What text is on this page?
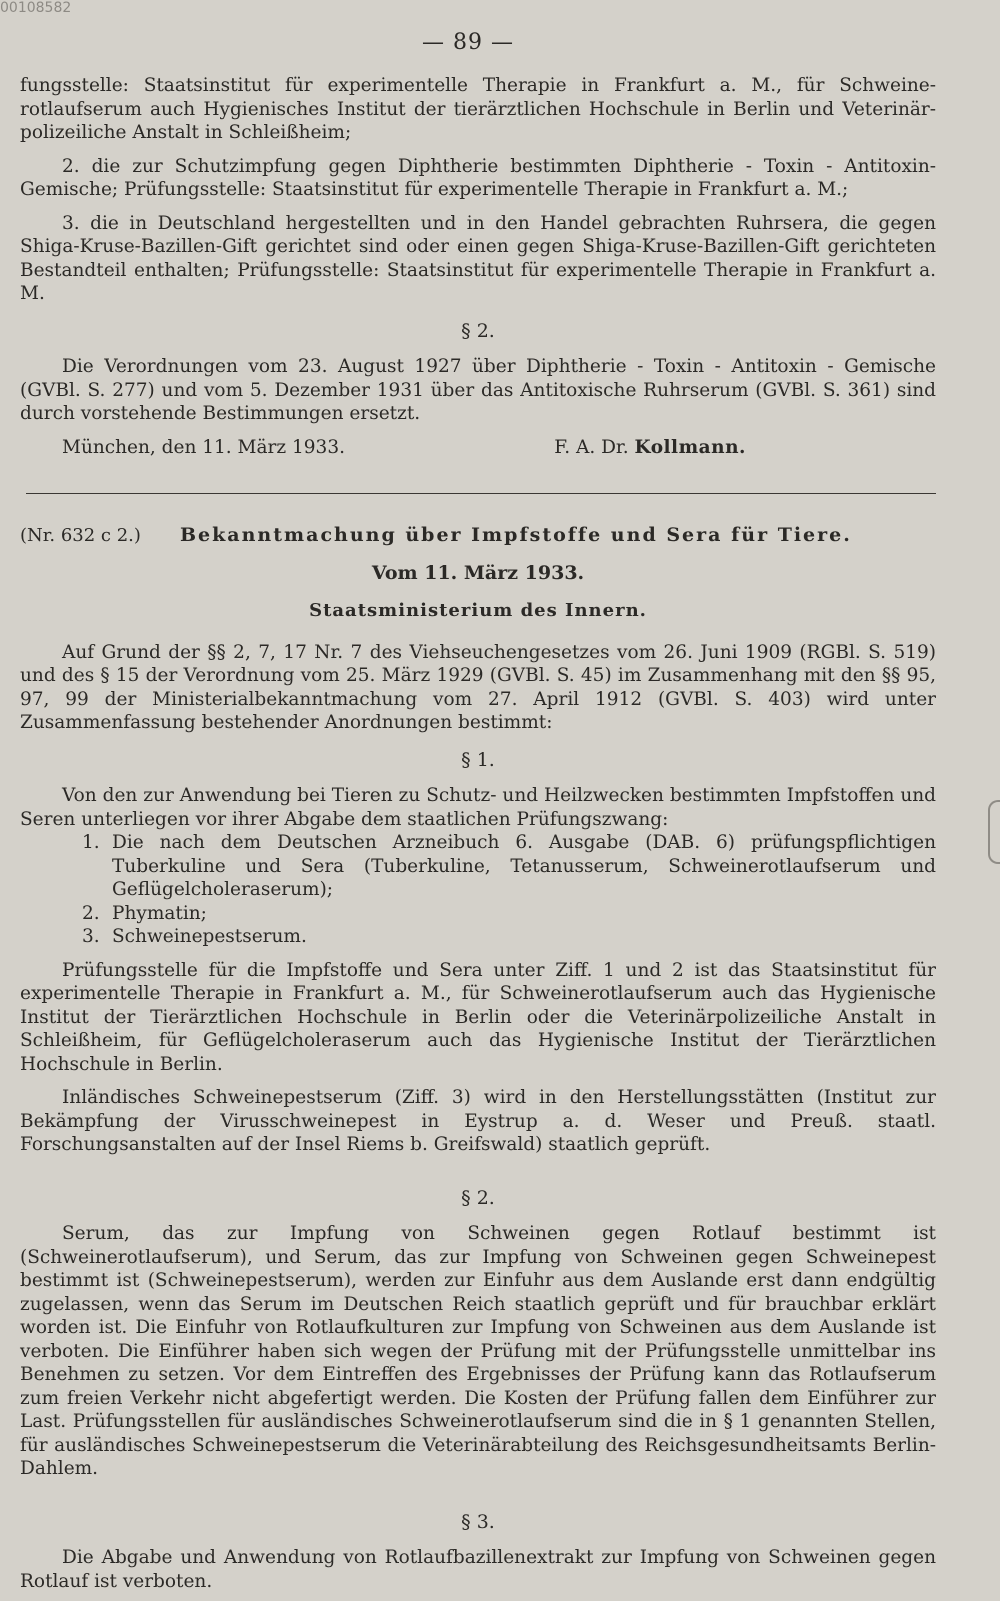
00108582
— 89 —

fungsstelle: Staatsinstitut für experimentelle Therapie in Frankfurt a. M., für Schweine-rotlaufserum auch Hygienisches Institut der tierärztlichen Hochschule in Berlin und Veterinär-polizeiliche Anstalt in Schleißheim;

2. die zur Schutzimpfung gegen Diphtherie bestimmten Diphtherie - Toxin - Antitoxin-Gemische; Prüfungsstelle: Staatsinstitut für experimentelle Therapie in Frankfurt a. M.;

3. die in Deutschland hergestellten und in den Handel gebrachten Ruhrsera, die gegen Shiga-Kruse-Bazillen-Gift gerichtet sind oder einen gegen Shiga-Kruse-Bazillen-Gift gerichteten Bestandteil enthalten; Prüfungsstelle: Staatsinstitut für experimentelle Therapie in Frankfurt a. M.

§ 2.

Die Verordnungen vom 23. August 1927 über Diphtherie - Toxin - Antitoxin - Gemische (GVBl. S. 277) und vom 5. Dezember 1931 über das Antitoxische Ruhrserum (GVBl. S. 361) sind durch vorstehende Bestimmungen ersetzt.

München, den 11. März 1933.	F. A. Dr. Kollmann.
(Nr. 632 c 2.)	Bekanntmachung über Impfstoffe und Sera für Tiere.
Vom 11. März 1933.
Staatsministerium des Innern.

Auf Grund der §§ 2, 7, 17 Nr. 7 des Viehseuchengesetzes vom 26. Juni 1909 (RGBl. S. 519) und des § 15 der Verordnung vom 25. März 1929 (GVBl. S. 45) im Zusammenhang mit den §§ 95, 97, 99 der Ministerialbekanntmachung vom 27. April 1912 (GVBl. S. 403) wird unter Zusammenfassung bestehender Anordnungen bestimmt:

§ 1.

Von den zur Anwendung bei Tieren zu Schutz- und Heilzwecken bestimmten Impfstoffen und Seren unterliegen vor ihrer Abgabe dem staatlichen Prüfungszwang:

1. Die nach dem Deutschen Arzneibuch 6. Ausgabe (DAB. 6) prüfungspflichtigen Tuberkuline und Sera (Tuberkuline, Tetanusserum, Schweinerotlaufserum und Geflügelcholeraserum);
2. Phymatin;
3. Schweinepestserum.

Prüfungsstelle für die Impfstoffe und Sera unter Ziff. 1 und 2 ist das Staatsinstitut für experimentelle Therapie in Frankfurt a. M., für Schweinerotlaufserum auch das Hygienische Institut der Tierärztlichen Hochschule in Berlin oder die Veterinärpolizeiliche Anstalt in Schleißheim, für Geflügelcholeraserum auch das Hygienische Institut der Tierärztlichen Hochschule in Berlin.

Inländisches Schweinepestserum (Ziff. 3) wird in den Herstellungsstätten (Institut zur Bekämpfung der Virusschweinepest in Eystrup a. d. Weser und Preuß. staatl. Forschungsanstalten auf der Insel Riems b. Greifswald) staatlich geprüft.

§ 2.

Serum, das zur Impfung von Schweinen gegen Rotlauf bestimmt ist (Schweinerotlaufserum), und Serum, das zur Impfung von Schweinen gegen Schweinepest bestimmt ist (Schweinepestserum), werden zur Einfuhr aus dem Auslande erst dann endgültig zugelassen, wenn das Serum im Deutschen Reich staatlich geprüft und für brauchbar erklärt worden ist. Die Einfuhr von Rotlaufkulturen zur Impfung von Schweinen aus dem Auslande ist verboten. Die Einführer haben sich wegen der Prüfung mit der Prüfungsstelle unmittelbar ins Benehmen zu setzen. Vor dem Eintreffen des Ergebnisses der Prüfung kann das Rotlaufserum zum freien Verkehr nicht abgefertigt werden. Die Kosten der Prüfung fallen dem Einführer zur Last. Prüfungsstellen für ausländisches Schweinerotlaufserum sind die in § 1 genannten Stellen, für ausländisches Schweinepestserum die Veterinärabteilung des Reichsgesundheitsamts Berlin-Dahlem.

§ 3.

Die Abgabe und Anwendung von Rotlaufbazillenextrakt zur Impfung von Schweinen gegen Rotlauf ist verboten.
